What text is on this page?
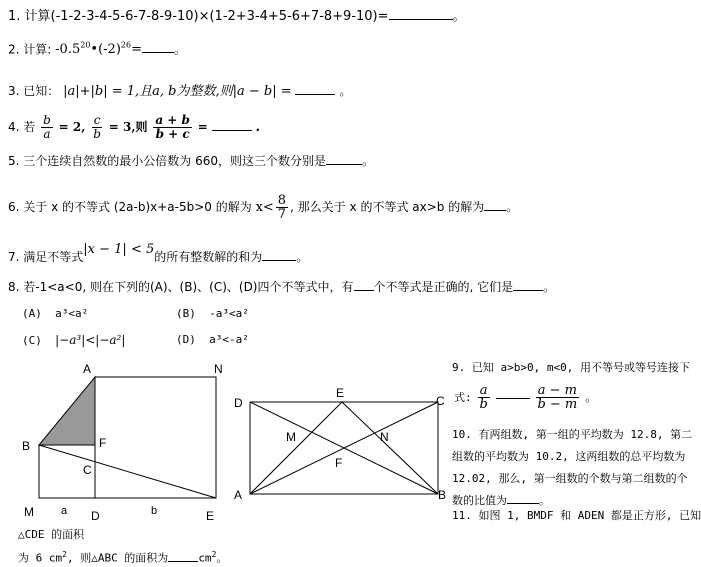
1. 计算(-1-2-3-4-5-6-7-8-9-10)×(1-2+3-4+5-6+7-8+9-10)=	。
2. 计算: $-0.5^{20}•(-2)^{26}=$	。
3. 已知： |a|+|b| = 1,且a, b为整数,则|a − b| =	。
4. 若 $\frac{b}{a} = 2$, $\frac{c}{b} = 3$,则 $\frac{a + b}{b + c}$ =	.
5. 三个连续自然数的最小公倍数为 660，则这三个数分别是	。
6. 关于 x 的不等式 (2a-b)x+a-5b>0 的解为 $x< \frac{8}{7}$ , 那么关于 x 的不等式 ax>b 的解为 。
7. 满足不等式|x − 1| < 5的所有整数解的和为	。
8. 若-1<a<0, 则在下列的(A)、(B)、(C)、(D)四个不等式中，有 个不等式是正确的, 它们是	。
(A) a³<a²	(B) -a³<a²
(C) |−a³|<|−a²|	(D) a³<-a²
A	N
B	F
C
M	D	E
a	b
D
E
C
M	N
F
A	B
9. 已知 a>b>0, m<0, 用不等号或等号连接下
式: $\frac{a}{b}$
	$\frac{a - m}{b - m}$ 。
10. 有两组数, 第一组的平均数为 12.8, 第二
组数的平均数为 10.2, 这两组数的总平均数为
12.02, 那么, 第一组数的个数与第二组数的个
数的比值为	。
11. 如图 1, BMDF 和 ADEN 都是正方形, 已知
△CDE 的面积
为 6 $cm^2$, 则△ABC 的面积为	$cm^2$。
